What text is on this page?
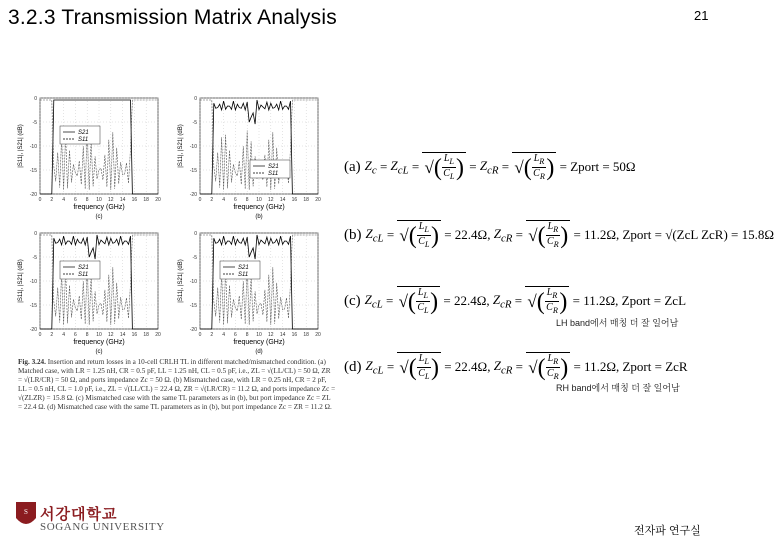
3.2.3 Transmission Matrix Analysis	21
0 2 4 6 8 10 12 14 16 18 20
0
-5
-10
-15
-20
S21
S11
frequency (GHz)
(c)
|S11|, |S21| (dB)
0 2 4 6 8 10 12 14 16 18 20
0
-5
-10
-15
-20
S21
S11
frequency (GHz)
(b)
|S11|, |S21| (dB)
0 2 4 6 8 10 12 14 16 18 20
0
-5
-10
-15
-20
S21
S11
frequency (GHz)
(c)
|S11|, |S21| (dB)
0 2 4 6 8 10 12 14 16 18 20
0
-5
-10
-15
-20
S21
S11
frequency (GHz)
(d)
|S11|, |S21| (dB)
Fig. 3.24. Insertion and return losses in a 10-cell CRLH TL in different matched/mismatched condition. (a) Matched case, with LR = 1.25 nH, CR = 0.5 pF, LL = 1.25 nH, CL = 0.5 pF, i.e., ZL = √(LL/CL) = 50 Ω, ZR = √(LR/CR) = 50 Ω, and ports impedance Zc = 50 Ω. (b) Mismatched case, with LR = 0.25 nH, CR = 2 pF, LL = 0.5 nH, CL = 1.0 pF, i.e., ZL = √(LL/CL) = 22.4 Ω, ZR = √(LR/CR) = 11.2 Ω, and ports impedance Zc = √(ZLZR) = 15.8 Ω. (c) Mismatched case with the same TL parameters as in (b), but port impedance Zc = ZL = 22.4 Ω. (d) Mismatched case with the same TL parameters as in (b), but port impedance Zc = ZR = 11.2 Ω.
(a) $Z_c = Z_{cL}$ = √ ( $\frac{L_L}{C_L}$ ) = $Z_{cR}$ = √ ( $\frac{L_R}{C_R}$ )
= Zport = 50Ω
(b) $Z_{cL}$ = √ ( $\frac{L_L}{C_L}$ )
= 22.4Ω,
$Z_{cR}$ = √ ( $\frac{L_R}{C_R}$ )
= 11.2Ω,
Zport = √(ZcL ZcR) = 15.8Ω
(c) $Z_{cL}$ = √ ( $\frac{L_L}{C_L}$ )
= 22.4Ω,
$Z_{cR}$ = √ ( $\frac{L_R}{C_R}$ )
= 11.2Ω,
Zport = ZcL
LH band에서 매칭 더 잘 일어남
(d) $Z_{cL}$ = √ ( $\frac{L_L}{C_L}$ )
= 22.4Ω,
$Z_{cR}$ = √ ( $\frac{L_R}{C_R}$ )
= 11.2Ω,
Zport = ZcR
RH band에서 매칭 더 잘 일어남
S 서강대학교
SOGANG UNIVERSITY	전자파 연구실
